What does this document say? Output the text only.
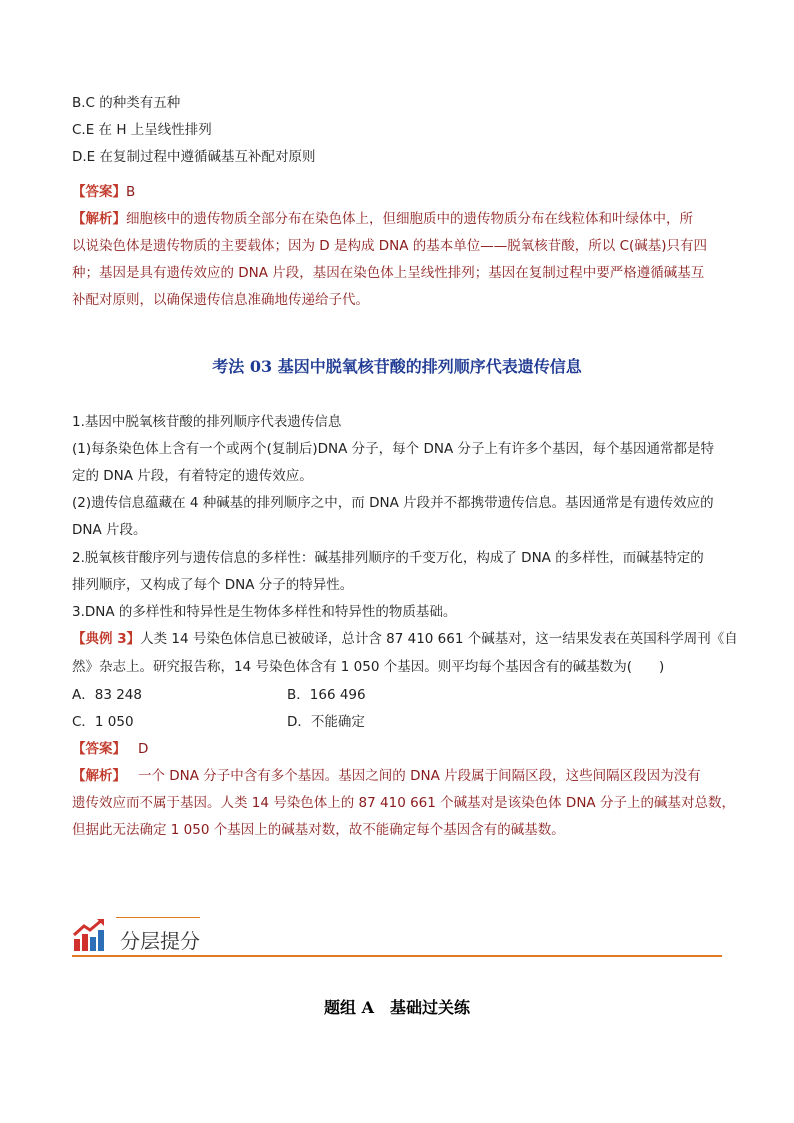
B.C 的种类有五种
C.E 在 H 上呈线性排列
D.E 在复制过程中遵循碱基互补配对原则
【答案】B
【解析】细胞核中的遗传物质全部分布在染色体上，但细胞质中的遗传物质分布在线粒体和叶绿体中，所
以说染色体是遗传物质的主要载体；因为 D 是构成 DNA 的基本单位——脱氧核苷酸，所以 C(碱基)只有四
种；基因是具有遗传效应的 DNA 片段，基因在染色体上呈线性排列；基因在复制过程中要严格遵循碱基互
补配对原则，以确保遗传信息准确地传递给子代。
考法 03 基因中脱氧核苷酸的排列顺序代表遗传信息
1.基因中脱氧核苷酸的排列顺序代表遗传信息
(1)每条染色体上含有一个或两个(复制后)DNA 分子，每个 DNA 分子上有许多个基因，每个基因通常都是特
定的 DNA 片段，有着特定的遗传效应。
(2)遗传信息蕴藏在 4 种碱基的排列顺序之中，而 DNA 片段并不都携带遗传信息。基因通常是有遗传效应的
DNA 片段。
2.脱氧核苷酸序列与遗传信息的多样性：碱基排列顺序的千变万化，构成了 DNA 的多样性，而碱基特定的
排列顺序，又构成了每个 DNA 分子的特异性。
3.DNA 的多样性和特异性是生物体多样性和特异性的物质基础。
【典例 3】人类 14 号染色体信息已被破译，总计含 87 410 661 个碱基对，这一结果发表在英国科学周刊《自
然》杂志上。研究报告称，14 号染色体含有 1 050 个基因。则平均每个基因含有的碱基数为(　　)
A．83 248	B．166 496
C．1 050	D．不能确定
【答案】 D
【解析】 一个 DNA 分子中含有多个基因。基因之间的 DNA 片段属于间隔区段，这些间隔区段因为没有
遗传效应而不属于基因。人类 14 号染色体上的 87 410 661 个碱基对是该染色体 DNA 分子上的碱基对总数，
但据此无法确定 1 050 个基因上的碱基对数，故不能确定每个基因含有的碱基数。
分层提分
题组 A　基础过关练
